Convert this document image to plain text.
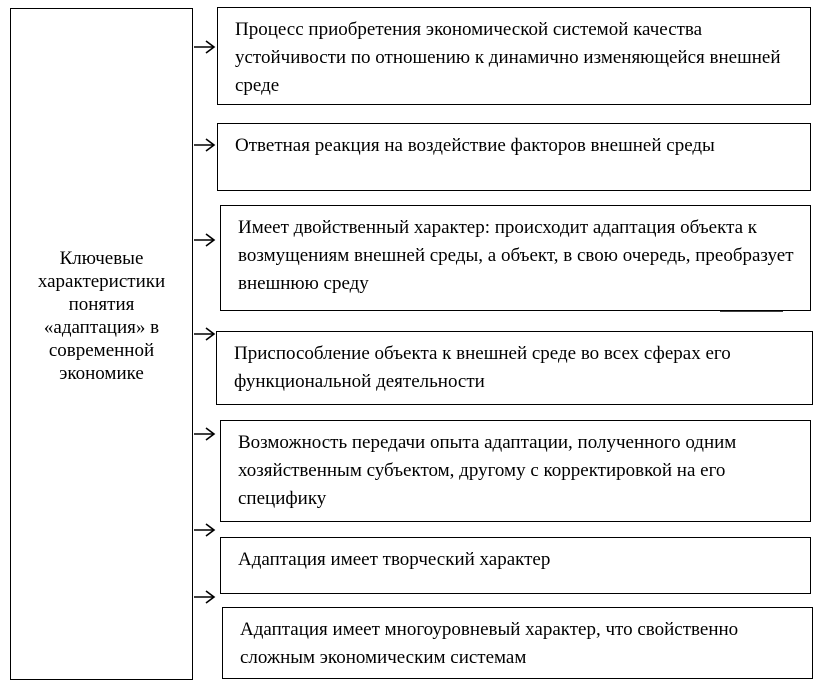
Ключевые характеристики понятия «адаптация» в современной экономике
Процесс приобретения экономической системой качества устойчивости по отношению к динамично изменяющейся внешней среде
Ответная реакция на воздействие факторов внешней среды
Имеет двойственный характер: происходит адаптация объекта к возмущениям внешней среды, а объект, в свою очередь, преобразует внешнюю среду
Приспособление объекта к внешней среде во всех сферах его функциональной деятельности
Возможность передачи опыта адаптации, полученного одним хозяйственным субъектом, другому с корректировкой на его специфику
Адаптация имеет творческий характер
Адаптация имеет многоуровневый характер, что свойственно сложным экономическим системам
